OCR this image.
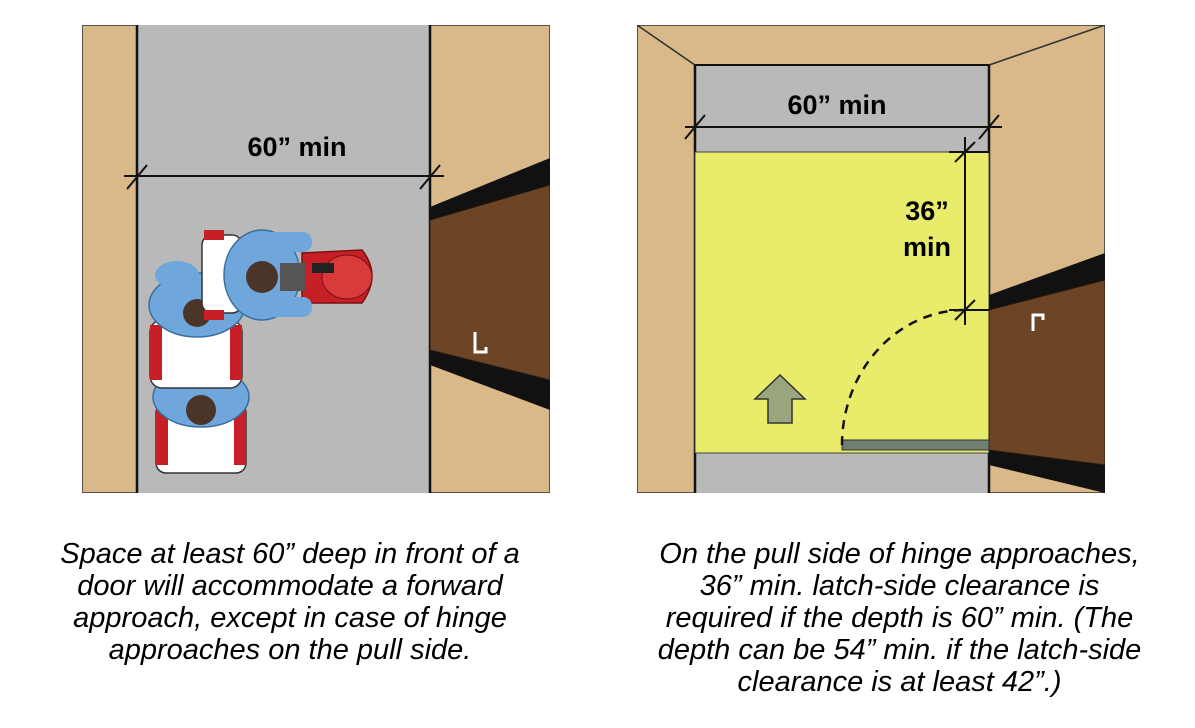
60” min
60” min
36”
min
Space at least 60” deep in front of a
door will accommodate a forward
approach, except in case of hinge
approaches on the pull side.
On the pull side of hinge approaches,
36” min. latch-side clearance is
required if the depth is 60” min. (The
depth can be 54” min. if the latch-side
clearance is at least 42”.)
